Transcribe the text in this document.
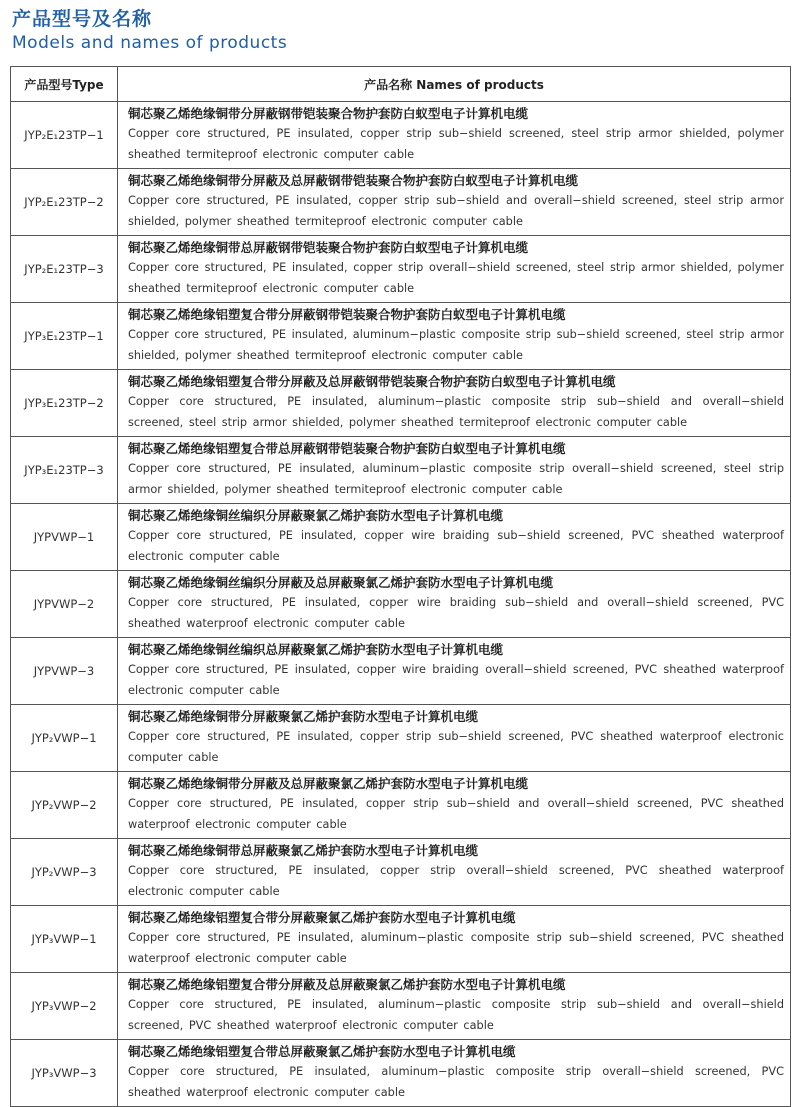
产品型号及名称
Models and names of products
产品型号Type	产品名称 Names of products
JYP₂E₁23TP−1	铜芯聚乙烯绝缘铜带分屏蔽钢带铠装聚合物护套防白蚁型电子计算机电缆
Copper core structured, PE insulated, copper strip sub−shield screened, steel strip armor shielded, polymer sheathed termiteproof electronic computer cable

JYP₂E₁23TP−2	铜芯聚乙烯绝缘铜带分屏蔽及总屏蔽钢带铠装聚合物护套防白蚁型电子计算机电缆
Copper core structured, PE insulated, copper strip sub−shield and overall−shield screened, steel strip armor shielded, polymer sheathed termiteproof electronic computer cable

JYP₂E₁23TP−3	铜芯聚乙烯绝缘铜带总屏蔽钢带铠装聚合物护套防白蚁型电子计算机电缆
Copper core structured, PE insulated, copper strip overall−shield screened, steel strip armor shielded, polymer sheathed termiteproof electronic computer cable

JYP₃E₁23TP−1	铜芯聚乙烯绝缘铝塑复合带分屏蔽钢带铠装聚合物护套防白蚁型电子计算机电缆
Copper core structured, PE insulated, aluminum−plastic composite strip sub−shield screened, steel strip armor shielded, polymer sheathed termiteproof electronic computer cable

JYP₃E₁23TP−2	铜芯聚乙烯绝缘铝塑复合带分屏蔽及总屏蔽钢带铠装聚合物护套防白蚁型电子计算机电缆
Copper core structured, PE insulated, aluminum−plastic composite strip sub−shield and overall−shield screened, steel strip armor shielded, polymer sheathed termiteproof electronic computer cable

JYP₃E₁23TP−3	铜芯聚乙烯绝缘铝塑复合带总屏蔽钢带铠装聚合物护套防白蚁型电子计算机电缆
Copper core structured, PE insulated, aluminum−plastic composite strip overall−shield screened, steel strip armor shielded, polymer sheathed termiteproof electronic computer cable

JYPVWP−1	铜芯聚乙烯绝缘铜丝编织分屏蔽聚氯乙烯护套防水型电子计算机电缆
Copper core structured, PE insulated, copper wire braiding sub−shield screened, PVC sheathed waterproof electronic computer cable

JYPVWP−2	铜芯聚乙烯绝缘铜丝编织分屏蔽及总屏蔽聚氯乙烯护套防水型电子计算机电缆
Copper core structured, PE insulated, copper wire braiding sub−shield and overall−shield screened, PVC sheathed waterproof electronic computer cable

JYPVWP−3	铜芯聚乙烯绝缘铜丝编织总屏蔽聚氯乙烯护套防水型电子计算机电缆
Copper core structured, PE insulated, copper wire braiding overall−shield screened, PVC sheathed waterproof electronic computer cable

JYP₂VWP−1	铜芯聚乙烯绝缘铜带分屏蔽聚氯乙烯护套防水型电子计算机电缆
Copper core structured, PE insulated, copper strip sub−shield screened, PVC sheathed waterproof electronic computer cable

JYP₂VWP−2	铜芯聚乙烯绝缘铜带分屏蔽及总屏蔽聚氯乙烯护套防水型电子计算机电缆
Copper core structured, PE insulated, copper strip sub−shield and overall−shield screened, PVC sheathed waterproof electronic computer cable

JYP₂VWP−3	铜芯聚乙烯绝缘铜带总屏蔽聚氯乙烯护套防水型电子计算机电缆
Copper core structured, PE insulated, copper strip overall−shield screened, PVC sheathed waterproof electronic computer cable

JYP₃VWP−1	铜芯聚乙烯绝缘铝塑复合带分屏蔽聚氯乙烯护套防水型电子计算机电缆
Copper core structured, PE insulated, aluminum−plastic composite strip sub−shield screened, PVC sheathed waterproof electronic computer cable

JYP₃VWP−2	铜芯聚乙烯绝缘铝塑复合带分屏蔽及总屏蔽聚氯乙烯护套防水型电子计算机电缆
Copper core structured, PE insulated, aluminum−plastic composite strip sub−shield and overall−shield screened, PVC sheathed waterproof electronic computer cable

JYP₃VWP−3	铜芯聚乙烯绝缘铝塑复合带总屏蔽聚氯乙烯护套防水型电子计算机电缆
Copper core structured, PE insulated, aluminum−plastic composite strip overall−shield screened, PVC sheathed waterproof electronic computer cable
